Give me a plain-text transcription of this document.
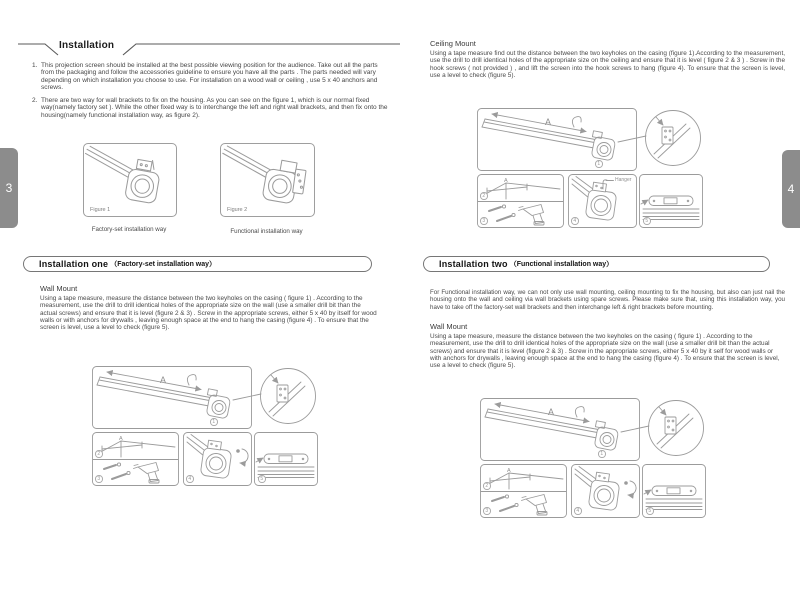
3	4
Installation
1. This projection screen should be installed at the best possible viewing position for the audience. Take out all the parts from the packaging and follow the accessories guideline to ensure you have all the parts . The parts needed will vary depending on which installation you choose to use. For installation on a wood wall or ceiling , use 5 x 40 anchors and screws.
2. There are two way for wall brackets to fix on the housing. As you can see on the figure 1, which is our normal fixed way(namely factory set ). While the other fixed way is to interchange the left and right wall brackets, and then fix onto the housing(namely functional installation way, as figure 2).
Figure 1	Figure 2
Factory-set installation way	Functional installation way
Installation one （Factory-set installation way）
Wall Mount
Using a tape measure, measure the distance between the two keyholes on the casing ( figure 1) . According to the measurement, use the drill to drill identical holes of the appropriate size on the wall (use a smaller drill bit than the actual screws) and ensure that it is level (figure 2 & 3) . Screw in the appropriate screws, either 5 x 40 by itself for wood walls or with anchors for drywalls , leaving enough space at the end to hang the casing (figure 4) . To ensure that the screen is level, use a level to check (figure 5).
A
A
1
2
3	4	5
Ceiling Mount
Using a tape measure find out the distance between the two keyholes on the casing (figure 1).According to the measurement, use the drill to drill identical holes of the appropriate size on the ceiling and ensure that it is level ( figure 2 & 3 ) . Screw in the hook screws ( not provided ) , and lift the screen into the hook screws to hang (figure 4). To ensure that the screen is level, use a level to check (figure 5).
A
A	Hanger
1
2
3	4	5
Installation two （Functional installation way）
For Functional installation way, we can not only use wall mounting, ceiling mounting to fix the housing, but also can just nail the housing onto the wall and ceiling via wall brackets using spare screws. Please make sure that, using this installation way, you have to take off the factory-set wall brackets and then interchange left & right brackets before mounting.
Wall Mount
Using a tape measure, measure the distance between the two keyholes on the casing ( figure 1) . According to the measurement, use the drill to drill identical holes of the appropriate size on the wall (use a smaller drill bit than the actual screws) and ensure that it is level (figure 2 & 3) . Screw in the appropriate screws, either 5 x 40 by it self for wood walls or with anchors for drywalls , leaving enough space at the end to hang the casing (figure 4) . To ensure that the screen is level, use a level to check (figure 5).
A
A
1
2
3	4	5
